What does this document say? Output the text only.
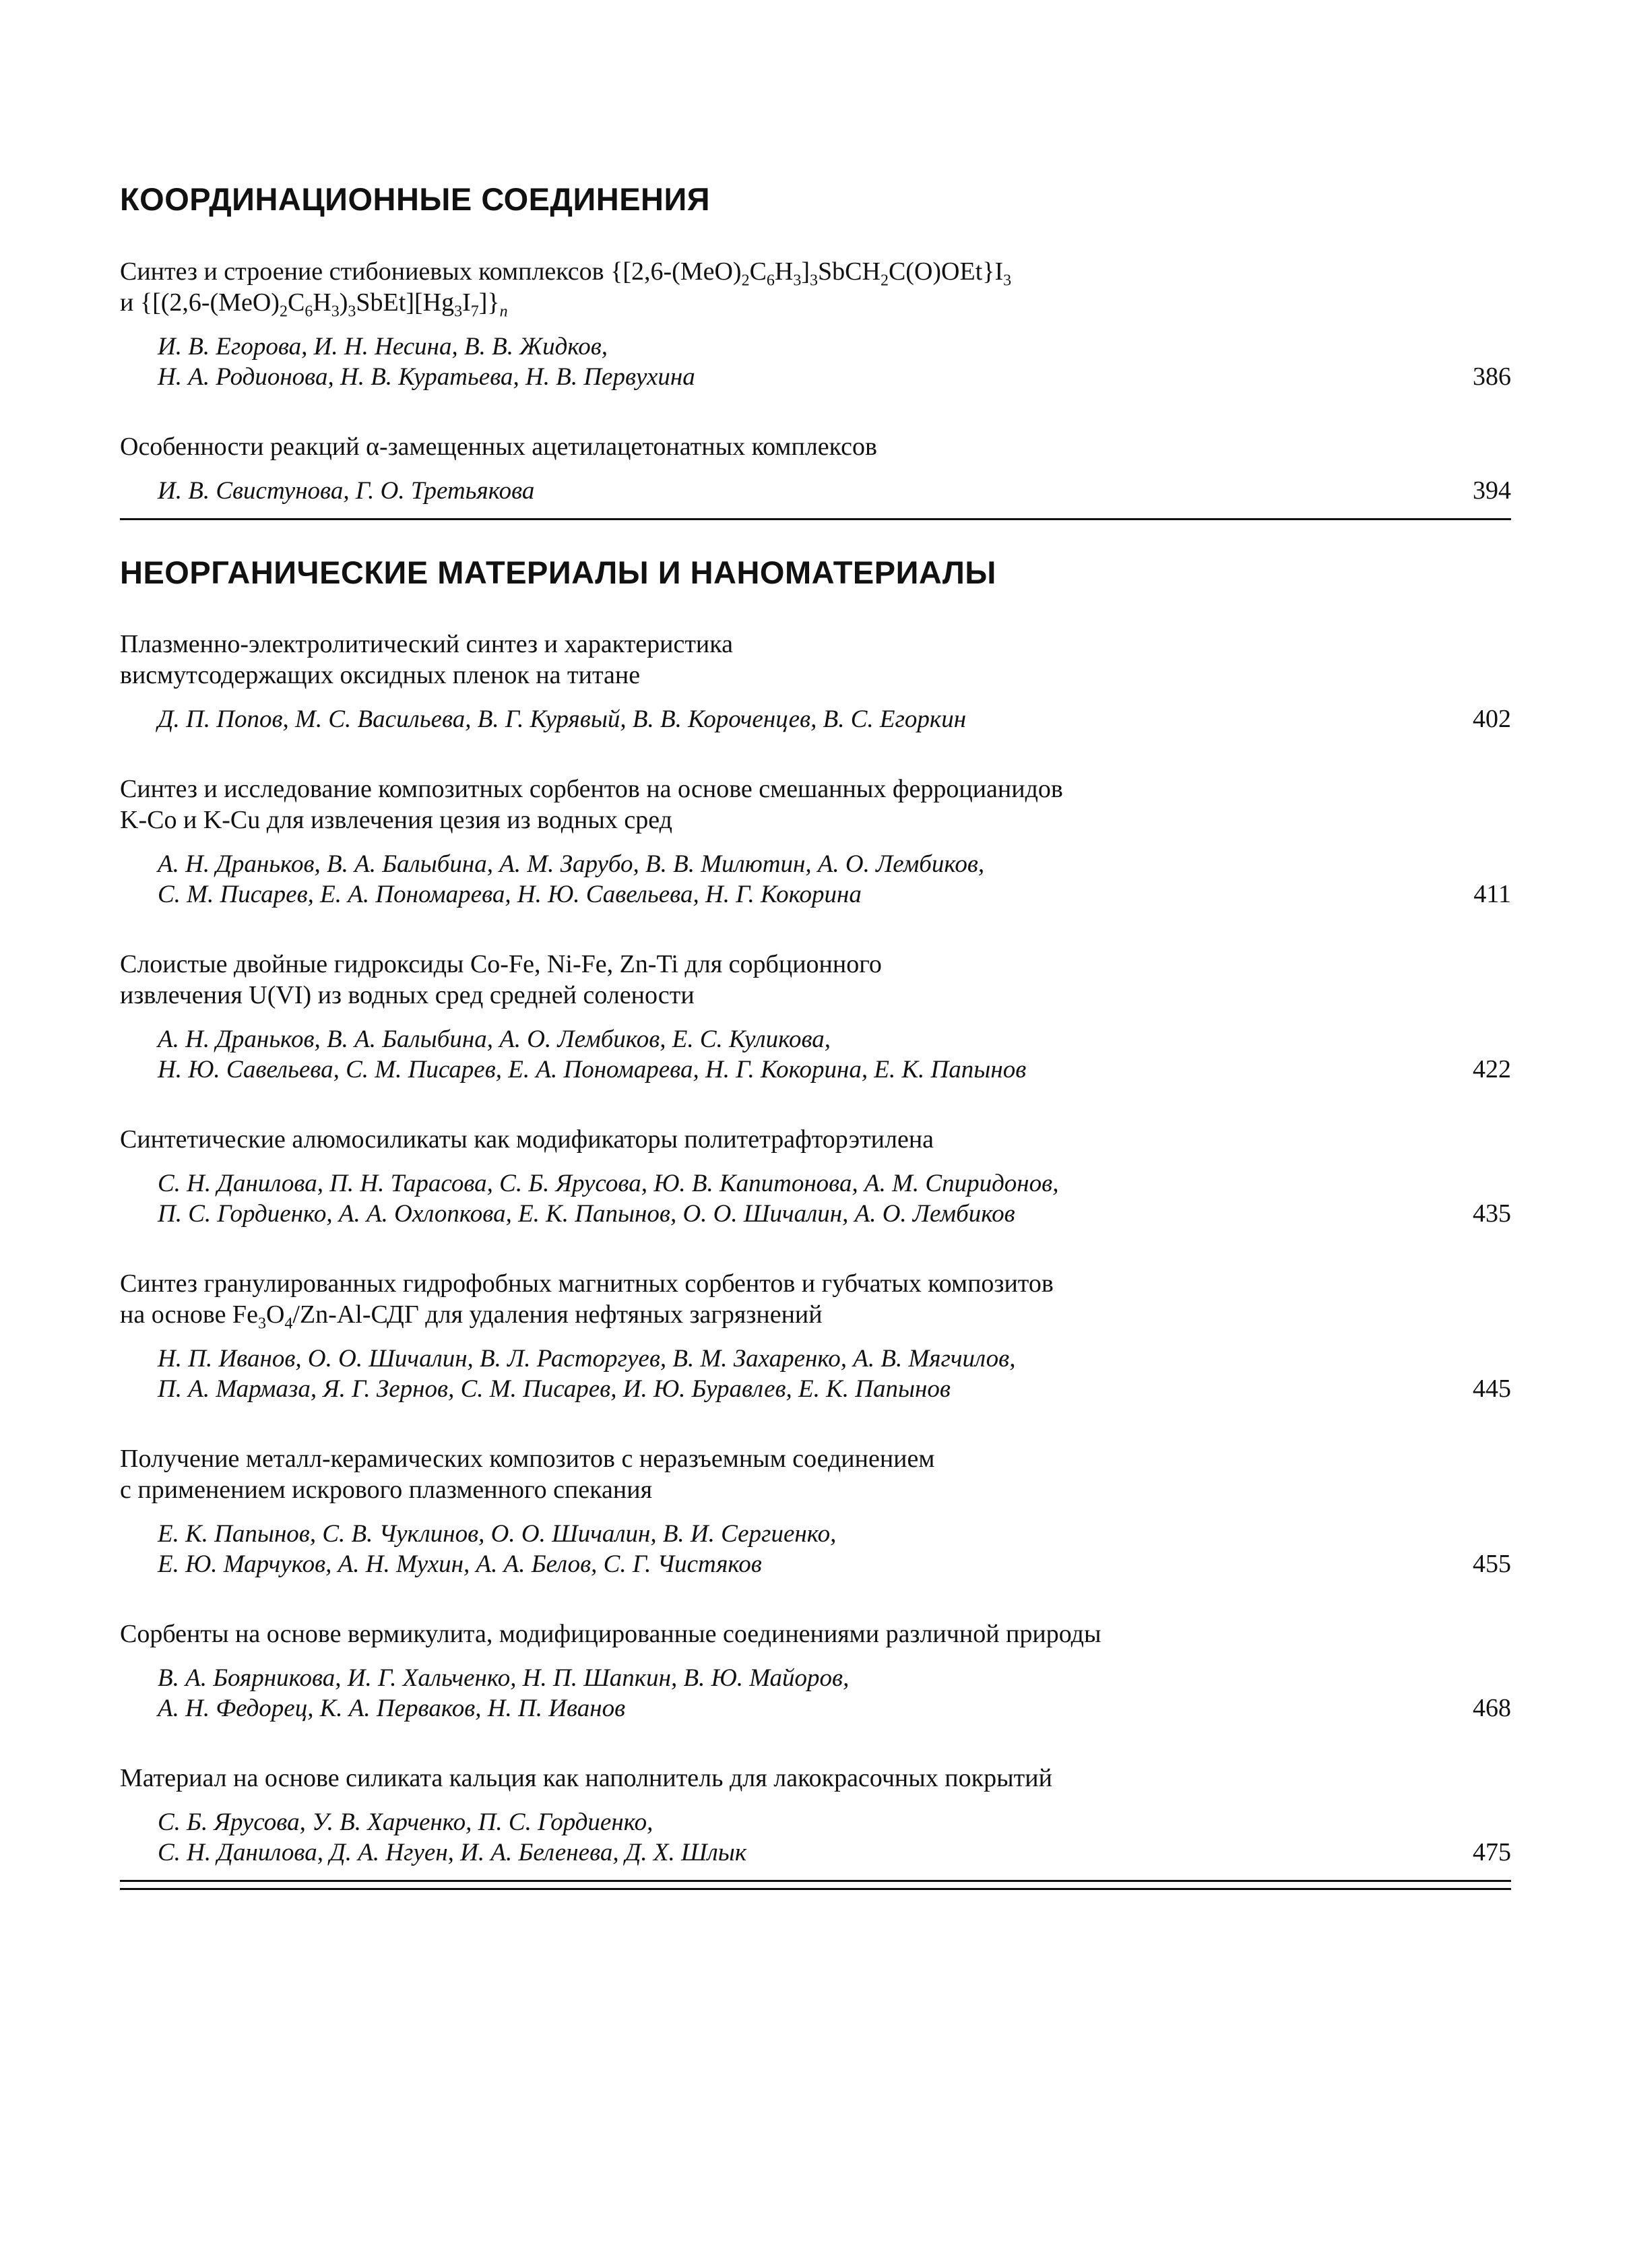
КООРДИНАЦИОННЫЕ СОЕДИНЕНИЯ
Синтез и строение стибониевых комплексов $\{[2,6-(MeO)_2C_6H_3]_3SbCH_2C(O)OEt\}I_3$
и $\{[(2,6-(MeO)_2C_6H_3)_3SbEt][Hg_3I_7]\}_n$
И. В. Егорова, И. Н. Несина, В. В. Жидков,
Н. А. Родионова, Н. В. Куратьева, Н. В. Первухина	386
Особенности реакций α-замещенных ацетилацетонатных комплексов
И. В. Свистунова, Г. О. Третьякова	394
НЕОРГАНИЧЕСКИЕ МАТЕРИАЛЫ И НАНОМАТЕРИАЛЫ
Плазменно-электролитический синтез и характеристика
висмутсодержащих оксидных пленок на титане
Д. П. Попов, М. С. Васильева, В. Г. Курявый, В. В. Короченцев, В. С. Егоркин	402
Синтез и исследование композитных сорбентов на основе смешанных ферроцианидов
K-Co и K-Cu для извлечения цезия из водных сред
А. Н. Драньков, В. А. Балыбина, А. М. Зарубо, В. В. Милютин, А. О. Лембиков,
С. М. Писарев, Е. А. Пономарева, Н. Ю. Савельева, Н. Г. Кокорина	411
Слоистые двойные гидроксиды Co-Fe, Ni-Fe, Zn-Ti для сорбционного
извлечения U(VI) из водных сред средней солености
А. Н. Драньков, В. А. Балыбина, А. О. Лембиков, Е. С. Куликова,
Н. Ю. Савельева, С. М. Писарев, Е. А. Пономарева, Н. Г. Кокорина, Е. К. Папынов	422
Синтетические алюмосиликаты как модификаторы политетрафторэтилена
С. Н. Данилова, П. Н. Тарасова, С. Б. Ярусова, Ю. В. Капитонова, А. М. Спиридонов,
П. С. Гордиенко, А. А. Охлопкова, Е. К. Папынов, О. О. Шичалин, А. О. Лембиков	435
Синтез гранулированных гидрофобных магнитных сорбентов и губчатых композитов
на основе $Fe_3O_4/Zn-Al$-СДГ для удаления нефтяных загрязнений
Н. П. Иванов, О. О. Шичалин, В. Л. Расторгуев, В. М. Захаренко, А. В. Мягчилов,
П. А. Мармаза, Я. Г. Зернов, С. М. Писарев, И. Ю. Буравлев, Е. К. Папынов	445
Получение металл-керамических композитов с неразъемным соединением
с применением искрового плазменного спекания
Е. К. Папынов, С. В. Чуклинов, О. О. Шичалин, В. И. Сергиенко,
Е. Ю. Марчуков, А. Н. Мухин, А. А. Белов, С. Г. Чистяков	455
Сорбенты на основе вермикулита, модифицированные соединениями различной природы
В. А. Боярникова, И. Г. Хальченко, Н. П. Шапкин, В. Ю. Майоров,
А. Н. Федорец, К. А. Перваков, Н. П. Иванов	468
Материал на основе силиката кальция как наполнитель для лакокрасочных покрытий
С. Б. Ярусова, У. В. Харченко, П. С. Гордиенко,
С. Н. Данилова, Д. А. Нгуен, И. А. Беленева, Д. Х. Шлык	475
